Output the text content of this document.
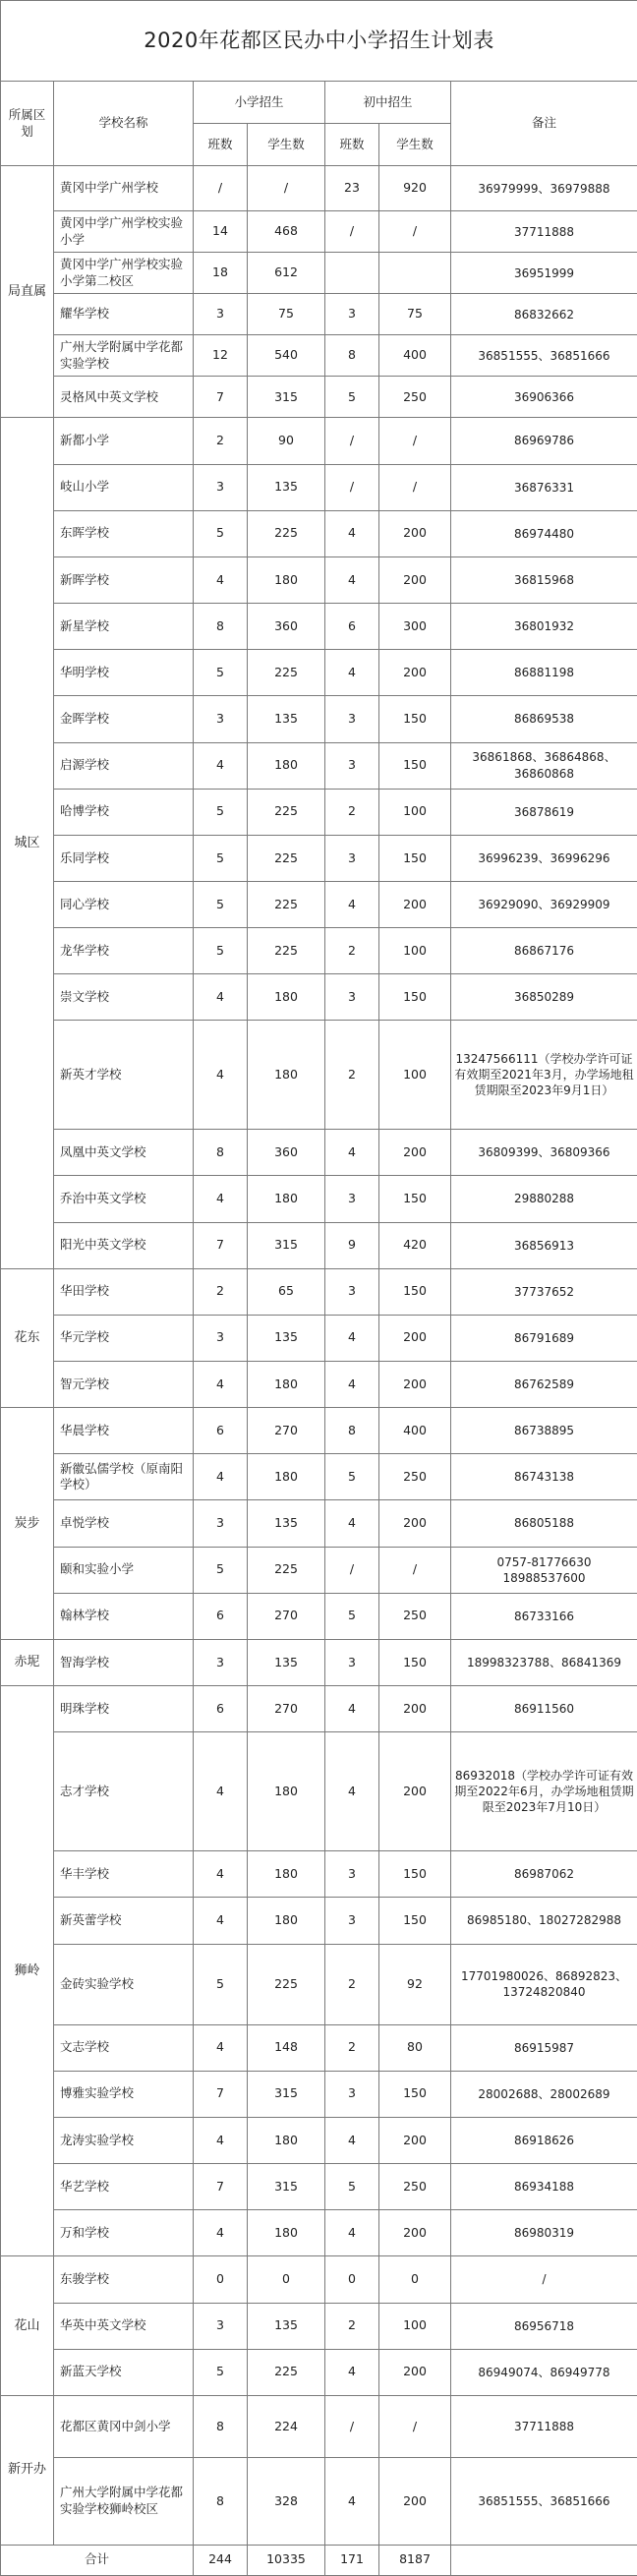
2020年花都区民办中小学招生计划表						
所属区划	学校名称	小学招生		初中招生		备注
		班数	学生数	班数	学生数	
局直属	黄冈中学广州学校	/	/	23	920	36979999、36979888
	黄冈中学广州学校实验小学	14	468	/	/	37711888
	黄冈中学广州学校实验小学第二校区	18	612			36951999
	耀华学校	3	75	3	75	86832662
	广州大学附属中学花都实验学校	12	540	8	400	36851555、36851666
	灵格风中英文学校	7	315	5	250	36906366
城区	新都小学	2	90	/	/	86969786
	岐山小学	3	135	/	/	36876331
	东晖学校	5	225	4	200	86974480
	新晖学校	4	180	4	200	36815968
	新星学校	8	360	6	300	36801932
	华明学校	5	225	4	200	86881198
	金晖学校	3	135	3	150	86869538
	启源学校	4	180	3	150	36861868、36864868、36860868
	哈博学校	5	225	2	100	36878619
	乐同学校	5	225	3	150	36996239、36996296
	同心学校	5	225	4	200	36929090、36929909
	龙华学校	5	225	2	100	86867176
	崇文学校	4	180	3	150	36850289
	新英才学校	4	180	2	100	13247566111（学校办学许可证有效期至2021年3月，办学场地租赁期限至2023年9月1日）
	凤凰中英文学校	8	360	4	200	36809399、36809366
	乔治中英文学校	4	180	3	150	29880288
	阳光中英文学校	7	315	9	420	36856913
花东	华田学校	2	65	3	150	37737652
	华元学校	3	135	4	200	86791689
	智元学校	4	180	4	200	86762589
炭步	华晨学校	6	270	8	400	86738895
	新徽弘儒学校（原南阳学校）	4	180	5	250	86743138
	卓悦学校	3	135	4	200	86805188
	颐和实验小学	5	225	/	/	0757-81776630 18988537600
	翰林学校	6	270	5	250	86733166
赤坭	智海学校	3	135	3	150	18998323788、86841369
狮岭	明珠学校	6	270	4	200	86911560
	志才学校	4	180	4	200	86932018（学校办学许可证有效期至2022年6月，办学场地租赁期限至2023年7月10日）
	华丰学校	4	180	3	150	86987062
	新英蕾学校	4	180	3	150	86985180、18027282988
	金砖实验学校	5	225	2	92	17701980026、86892823、13724820840
	文志学校	4	148	2	80	86915987
	博雅实验学校	7	315	3	150	28002688、28002689
	龙涛实验学校	4	180	4	200	86918626
	华艺学校	7	315	5	250	86934188
	万和学校	4	180	4	200	86980319
花山	东骏学校	0	0	0	0	/
	华英中英文学校	3	135	2	100	86956718
	新蓝天学校	5	225	4	200	86949074、86949778
新开办	花都区黄冈中剑小学	8	224	/	/	37711888
	广州大学附属中学花都实验学校狮岭校区	8	328	4	200	36851555、36851666
合计		244	10335	171	8187	
